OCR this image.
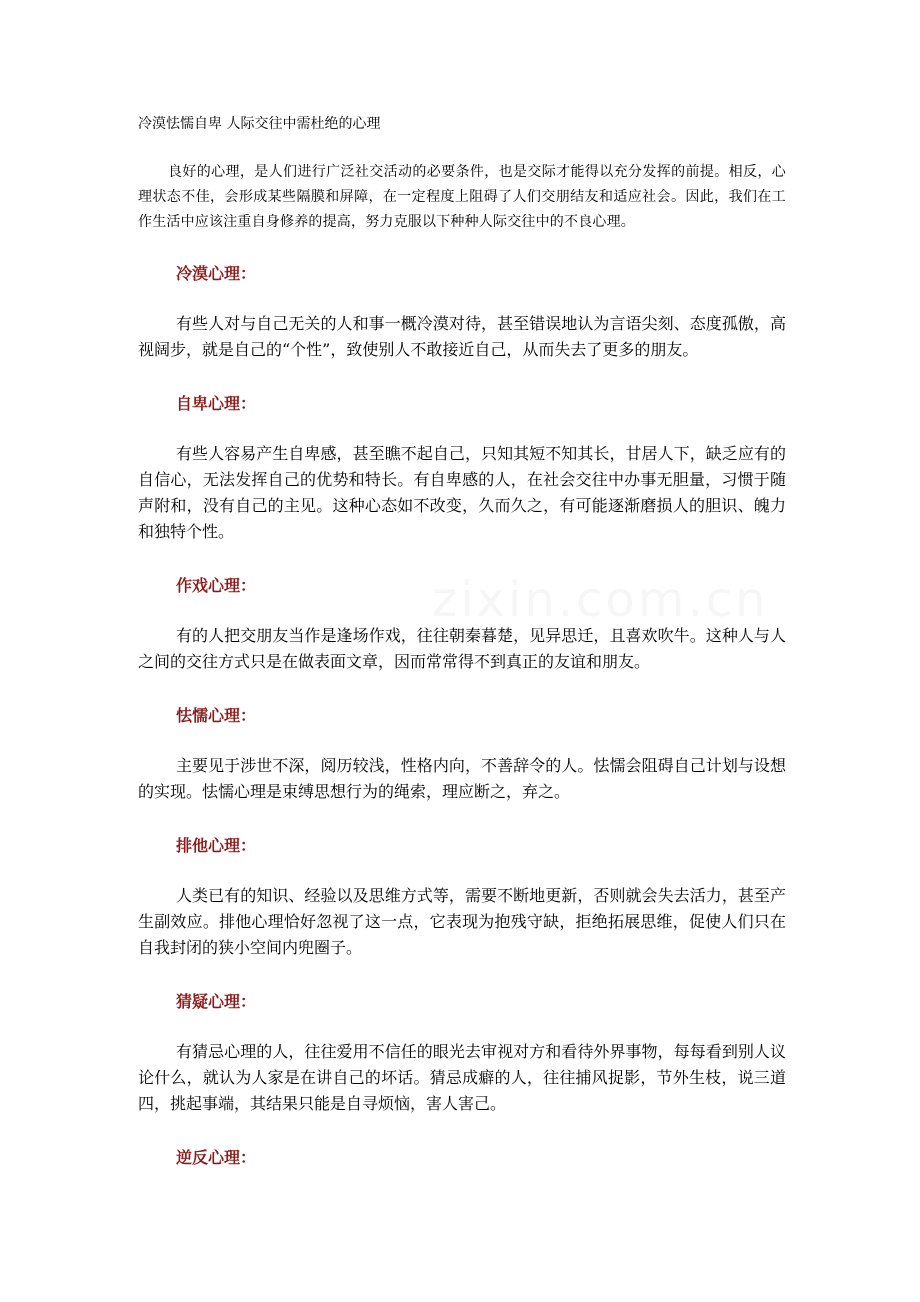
冷漠怯懦自卑 人际交往中需杜绝的心理

良好的心理，是人们进行广泛社交活动的必要条件，也是交际才能得以充分发挥的前提。相反，心理状态不佳，会形成某些隔膜和屏障，在一定程度上阻碍了人们交朋结友和适应社会。因此，我们在工作生活中应该注重自身修养的提高，努力克服以下种种人际交往中的不良心理。

冷漠心理：

有些人对与自己无关的人和事一概冷漠对待，甚至错误地认为言语尖刻、态度孤傲，高视阔步，就是自己的“个性”，致使别人不敢接近自己，从而失去了更多的朋友。

自卑心理：

有些人容易产生自卑感，甚至瞧不起自己，只知其短不知其长，甘居人下，缺乏应有的自信心，无法发挥自己的优势和特长。有自卑感的人，在社会交往中办事无胆量，习惯于随声附和，没有自己的主见。这种心态如不改变，久而久之，有可能逐渐磨损人的胆识、魄力和独特个性。

作戏心理：

有的人把交朋友当作是逢场作戏，往往朝秦暮楚，见异思迁，且喜欢吹牛。这种人与人之间的交往方式只是在做表面文章，因而常常得不到真正的友谊和朋友。

怯懦心理：

主要见于涉世不深，阅历较浅，性格内向，不善辞令的人。怯懦会阻碍自己计划与设想的实现。怯懦心理是束缚思想行为的绳索，理应断之，弃之。

排他心理：

人类已有的知识、经验以及思维方式等，需要不断地更新，否则就会失去活力，甚至产生副效应。排他心理恰好忽视了这一点，它表现为抱残守缺，拒绝拓展思维，促使人们只在自我封闭的狭小空间内兜圈子。

猜疑心理：

有猜忌心理的人，往往爱用不信任的眼光去审视对方和看待外界事物，每每看到别人议论什么，就认为人家是在讲自己的坏话。猜忌成癖的人，往往捕风捉影，节外生枝，说三道四，挑起事端，其结果只能是自寻烦恼，害人害己。

逆反心理：
